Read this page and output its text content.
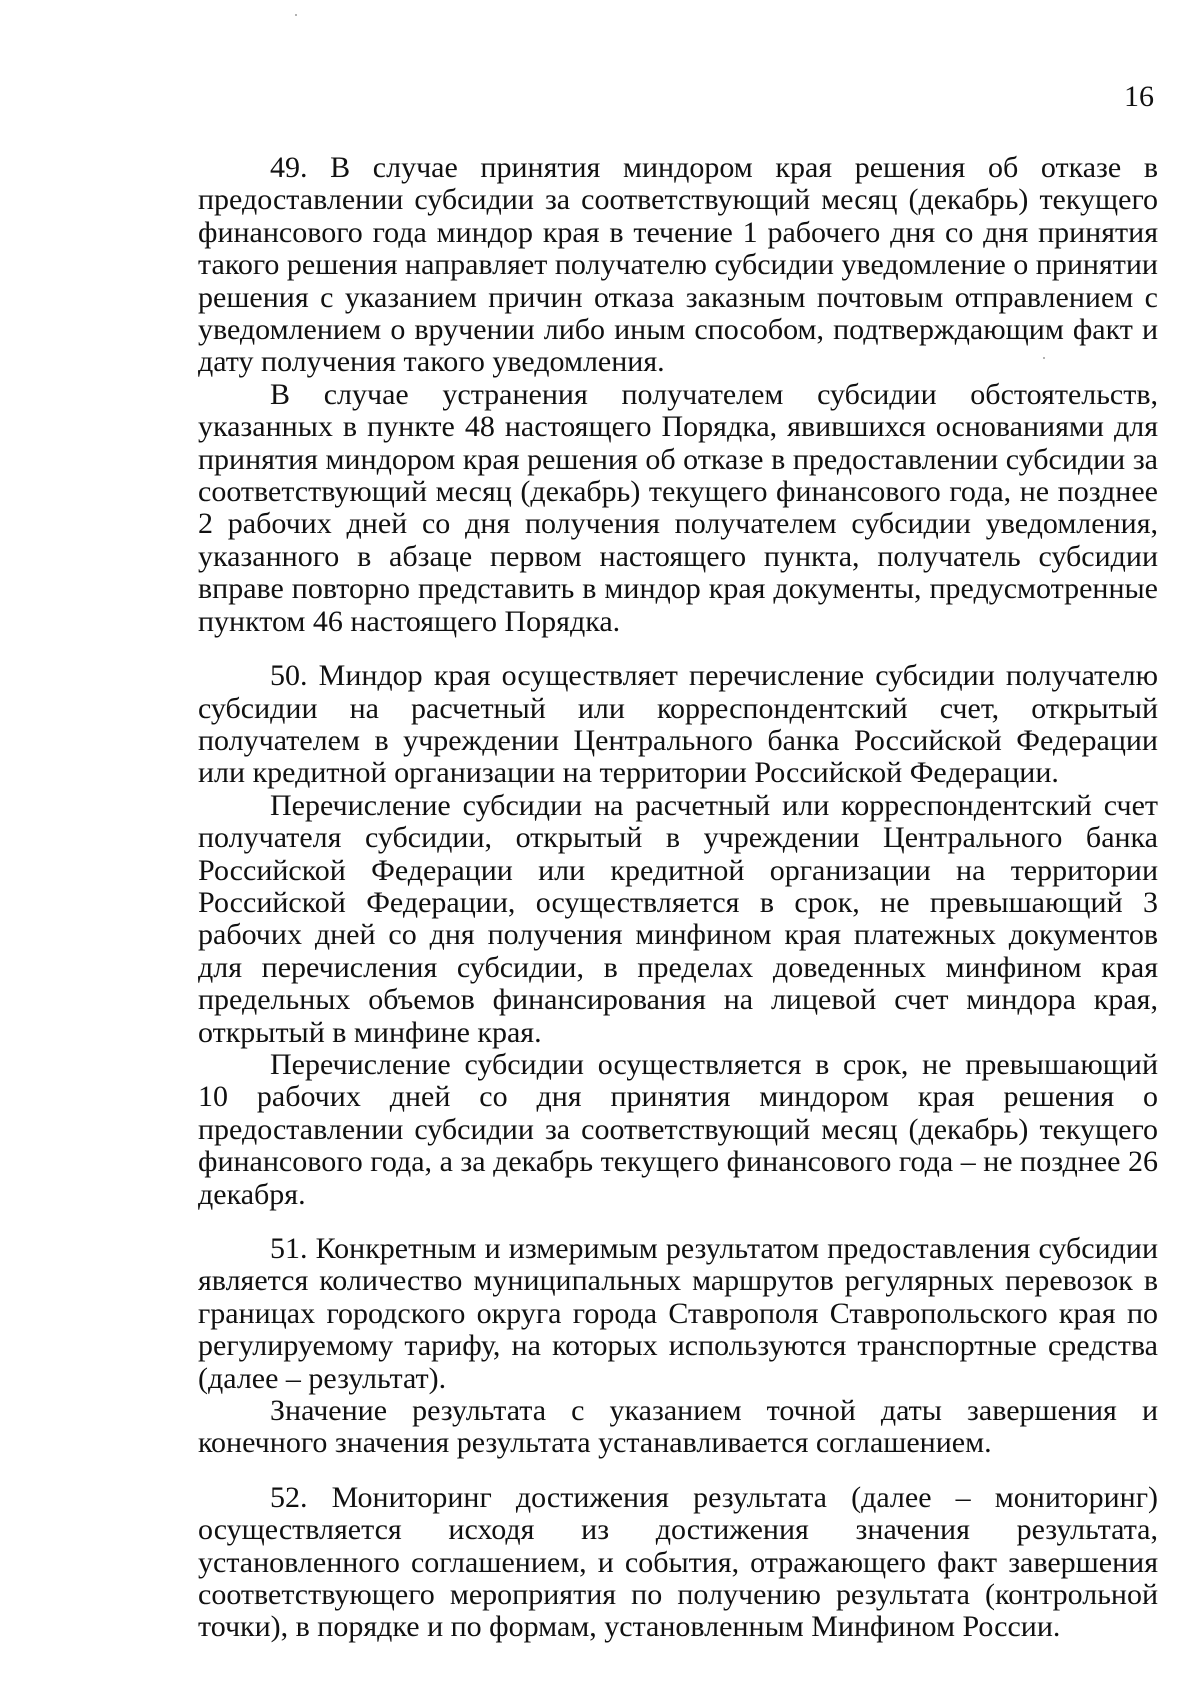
16

49. В случае принятия миндором края решения об отказе в предоставлении субсидии за соответствующий месяц (декабрь) текущего финансового года миндор края в течение 1 рабочего дня со дня принятия такого решения направляет получателю субсидии уведомление о принятии решения с указанием причин отказа заказным почтовым отправлением с уведомлением о вручении либо иным способом, подтверждающим факт и дату получения такого уведомления.

В случае устранения получателем субсидии обстоятельств, указанных в пункте 48 настоящего Порядка, явившихся основаниями для принятия миндором края решения об отказе в предоставлении субсидии за соответствующий месяц (декабрь) текущего финансового года, не позднее 2 рабочих дней со дня получения получателем субсидии уведомления, указанного в абзаце первом настоящего пункта, получатель субсидии вправе повторно представить в миндор края документы, предусмотренные пунктом 46 настоящего Порядка.

50. Миндор края осуществляет перечисление субсидии получателю субсидии на расчетный или корреспондентский счет, открытый получателем в учреждении Центрального банка Российской Федерации или кредитной организации на территории Российской Федерации.

Перечисление субсидии на расчетный или корреспондентский счет получателя субсидии, открытый в учреждении Центрального банка Российской Федерации или кредитной организации на территории Российской Федерации, осуществляется в срок, не превышающий 3 рабочих дней со дня получения минфином края платежных документов для перечисления субсидии, в пределах доведенных минфином края предельных объемов финансирования на лицевой счет миндора края, открытый в минфине края.

Перечисление субсидии осуществляется в срок, не превышающий 10 рабочих дней со дня принятия миндором края решения о предоставлении субсидии за соответствующий месяц (декабрь) текущего финансового года, а за декабрь текущего финансового года – не позднее 26 декабря.

51. Конкретным и измеримым результатом предоставления субсидии является количество муниципальных маршрутов регулярных перевозок в границах городского округа города Ставрополя Ставропольского края по регулируемому тарифу, на которых используются транспортные средства (далее – результат).

Значение результата с указанием точной даты завершения и конечного значения результата устанавливается соглашением.

52. Мониторинг достижения результата (далее – мониторинг) осуществляется исходя из достижения значения результата, установленного соглашением, и события, отражающего факт завершения соответствующего мероприятия по получению результата (контрольной точки), в порядке и по формам, установленным Минфином России.
